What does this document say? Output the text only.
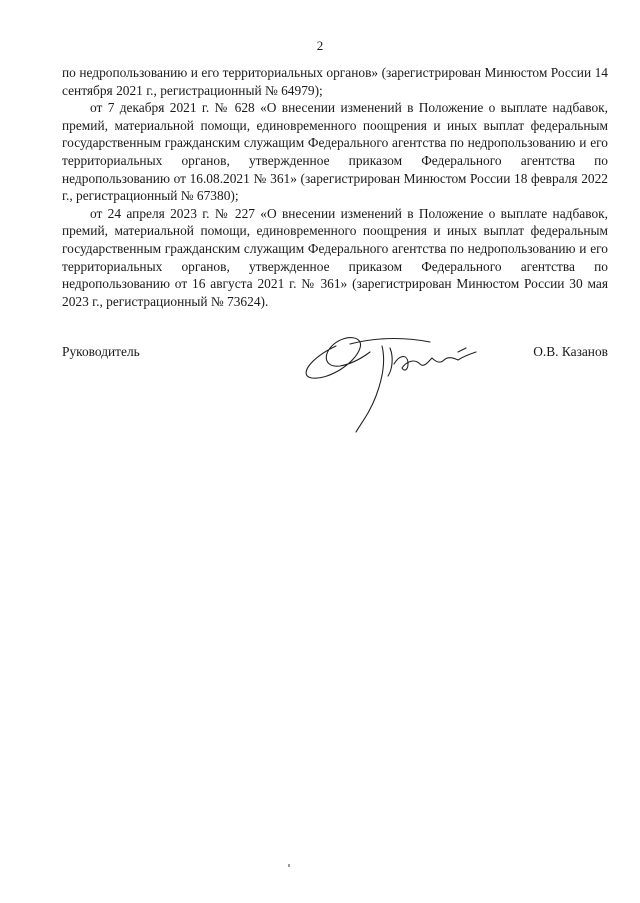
2

по недропользованию и его территориальных органов» (зарегистрирован Минюстом России 14 сентября 2021 г., регистрационный № 64979);

от 7 декабря 2021 г. № 628 «О внесении изменений в Положение о выплате надбавок, премий, материальной помощи, единовременного поощрения и иных выплат федеральным государственным гражданским служащим Федерального агентства по недропользованию и его территориальных органов, утвержденное приказом Федерального агентства по недропользованию от 16.08.2021 № 361» (зарегистрирован Минюстом России 18 февраля 2022 г., регистрационный № 67380);

от 24 апреля 2023 г. № 227 «О внесении изменений в Положение о выплате надбавок, премий, материальной помощи, единовременного поощрения и иных выплат федеральным государственным гражданским служащим Федерального агентства по недропользованию и его территориальных органов, утвержденное приказом Федерального агентства по недропользованию от 16 августа 2021 г. № 361» (зарегистрирован Минюстом России 30 мая 2023 г., регистрационный № 73624).

Руководитель	О.В. Казанов
